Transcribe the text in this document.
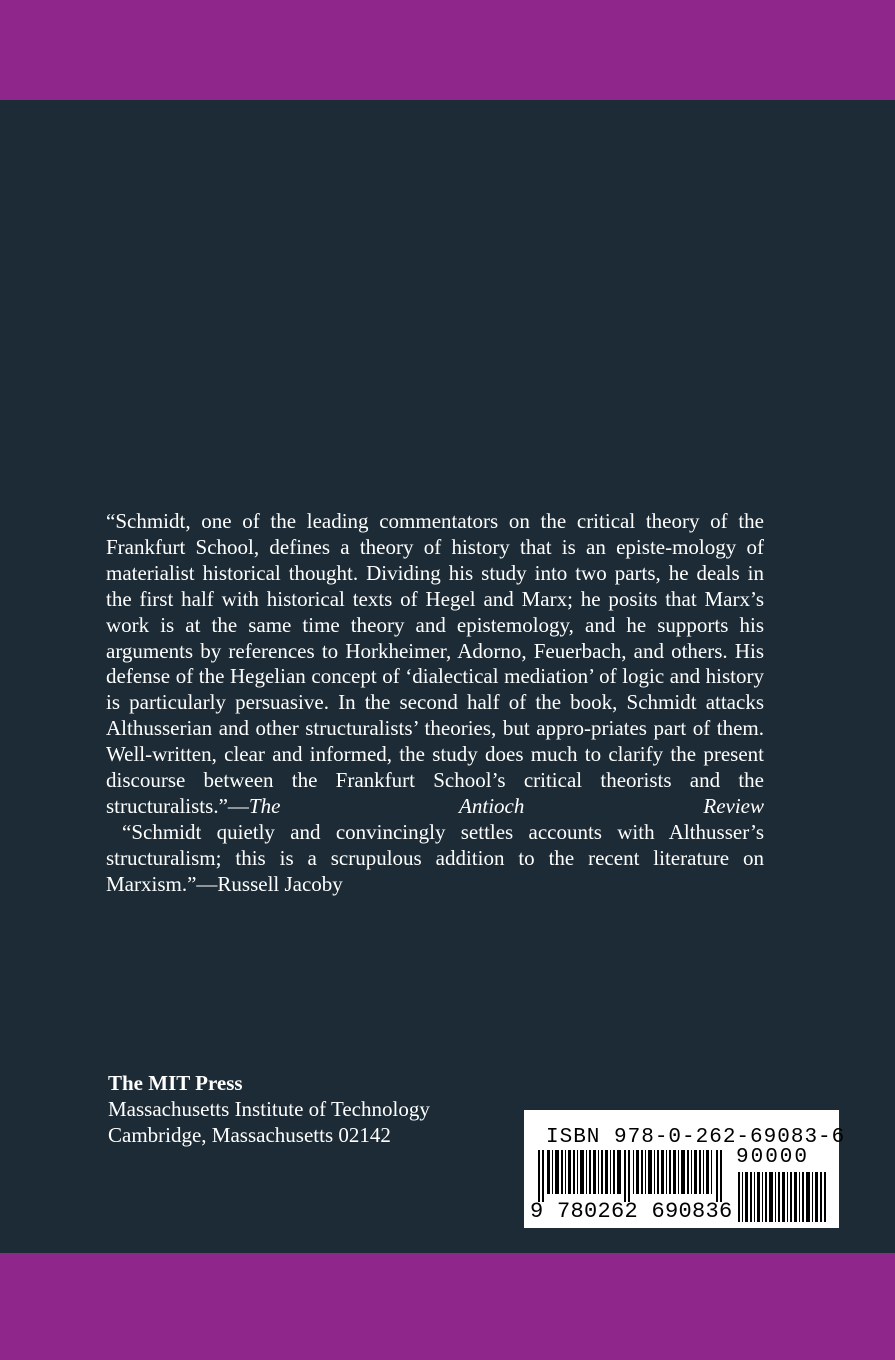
“Schmidt, one of the leading commentators on the critical theory of the Frankfurt School, defines a theory of history that is an episte-mology of materialist historical thought. Dividing his study into two parts, he deals in the first half with historical texts of Hegel and Marx; he posits that Marx’s work is at the same time theory and epistemology, and he supports his arguments by references to Horkheimer, Adorno, Feuerbach, and others. His defense of the Hegelian concept of ‘dialectical mediation’ of logic and history is particularly persuasive. In the second half of the book, Schmidt attacks Althusserian and other structuralists’ theories, but appro-priates part of them. Well-written, clear and informed, the study does much to clarify the present discourse between the Frankfurt School’s critical theorists and the structuralists.”—The Antioch Review

“Schmidt quietly and convincingly settles accounts with Althusser’s structuralism; this is a scrupulous addition to the recent literature on Marxism.”—Russell Jacoby

The MIT Press
Massachusetts Institute of Technology
Cambridge, Massachusetts 02142	ISBN 978-0-262-69083-6
90000
9 780262 690836
